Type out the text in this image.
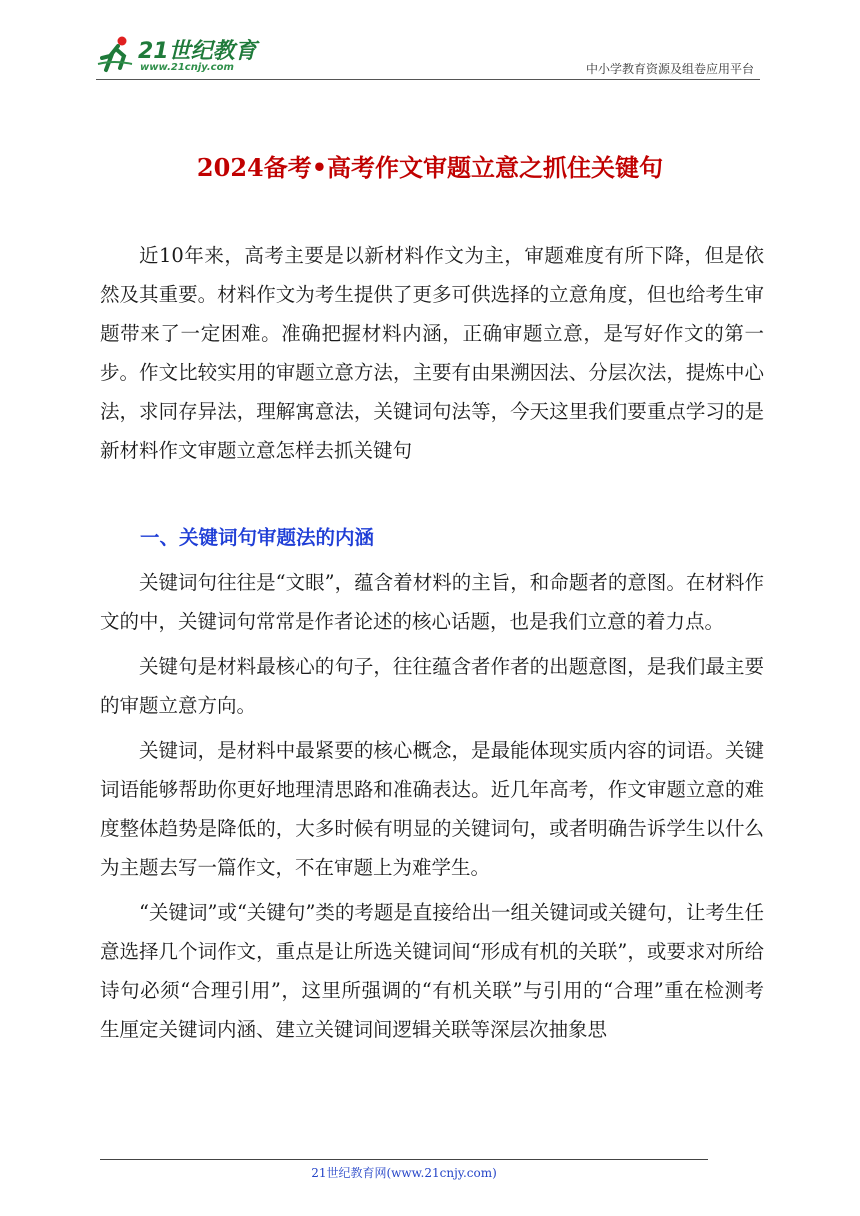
21世纪教育
www.21cnjy.com	中小学教育资源及组卷应用平台
2024备考•高考作文审题立意之抓住关键句

近10年来，高考主要是以新材料作文为主，审题难度有所下降，但是依然及其重要。材料作文为考生提供了更多可供选择的立意角度，但也给考生审题带来了一定困难。准确把握材料内涵，正确审题立意，是写好作文的第一步。作文比较实用的审题立意方法，主要有由果溯因法、分层次法，提炼中心法，求同存异法，理解寓意法，关键词句法等，今天这里我们要重点学习的是新材料作文审题立意怎样去抓关键句

一、关键词句审题法的内涵

关键词句往往是“文眼”，蕴含着材料的主旨，和命题者的意图。在材料作文的中，关键词句常常是作者论述的核心话题，也是我们立意的着力点。

关键句是材料最核心的句子，往往蕴含者作者的出题意图，是我们最主要的审题立意方向。

关键词，是材料中最紧要的核心概念，是最能体现实质内容的词语。关键词语能够帮助你更好地理清思路和准确表达。近几年高考，作文审题立意的难度整体趋势是降低的，大多时候有明显的关键词句，或者明确告诉学生以什么为主题去写一篇作文，不在审题上为难学生。

“关键词”或“关键句”类的考题是直接给出一组关键词或关键句，让考生任意选择几个词作文，重点是让所选关键词间“形成有机的关联”，或要求对所给诗句必须“合理引用”，这里所强调的“有机关联”与引用的“合理”重在检测考生厘定关键词内涵、建立关键词间逻辑关联等深层次抽象思

21世纪教育网(www.21cnjy.com)
